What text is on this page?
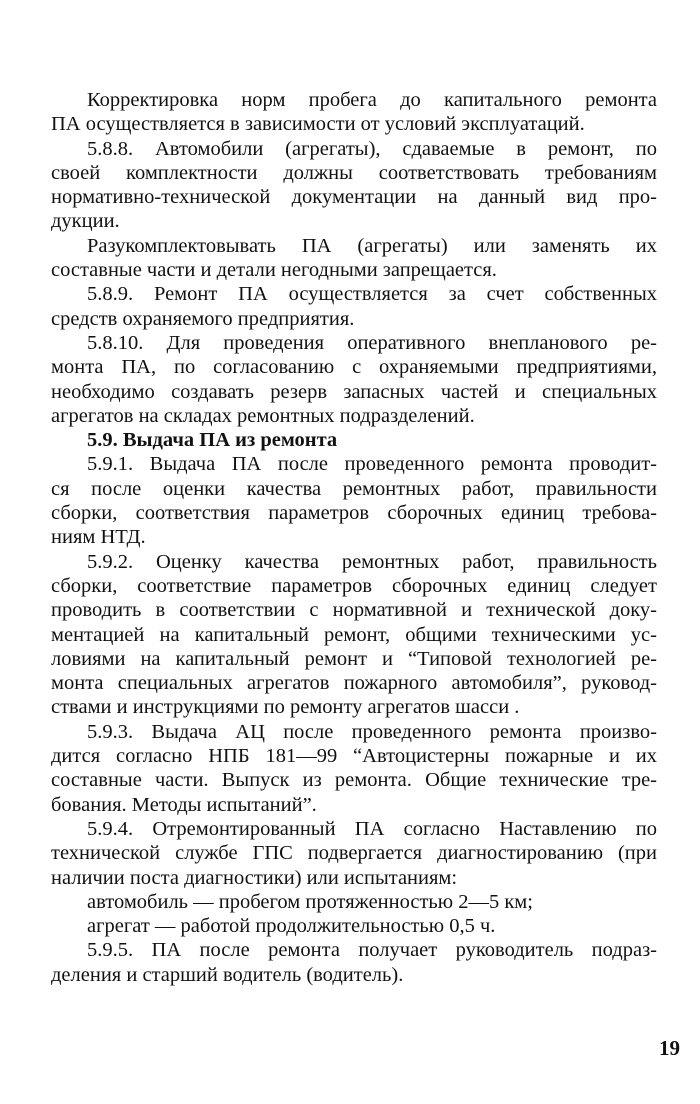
Корректировка норм пробега до капитального ремонта
ПА осуществляется в зависимости от условий эксплуатаций.
5.8.8. Автомобили (агрегаты), сдаваемые в ремонт, по
своей комплектности должны соответствовать требованиям
нормативно-технической документации на данный вид про-
дукции.
Разукомплектовывать ПА (агрегаты) или заменять их
составные части и детали негодными запрещается.
5.8.9. Ремонт ПА осуществляется за счет собственных
средств охраняемого предприятия.
5.8.10. Для проведения оперативного внепланового ре-
монта ПА, по согласованию с охраняемыми предприятиями,
необходимо создавать резерв запасных частей и специальных
агрегатов на складах ремонтных подразделений.
5.9. Выдача ПА из ремонта
5.9.1. Выдача ПА после проведенного ремонта проводит-
ся после оценки качества ремонтных работ, правильности
сборки, соответствия параметров сборочных единиц требова-
ниям НТД.
5.9.2. Оценку качества ремонтных работ, правильность
сборки, соответствие параметров сборочных единиц следует
проводить в соответствии с нормативной и технической доку-
ментацией на капитальный ремонт, общими техническими ус-
ловиями на капитальный ремонт и “Типовой технологией ре-
монта специальных агрегатов пожарного автомобиля”, руковод-
ствами и инструкциями по ремонту агрегатов шасси .
5.9.3. Выдача АЦ после проведенного ремонта произво-
дится согласно НПБ 181—99 “Автоцистерны пожарные и их
составные части. Выпуск из ремонта. Общие технические тре-
бования. Методы испытаний”.
5.9.4. Отремонтированный ПА согласно Наставлению по
технической службе ГПС подвергается диагностированию (при
наличии поста диагностики) или испытаниям:
автомобиль — пробегом протяженностью 2—5 км;
агрегат — работой продолжительностью 0,5 ч.
5.9.5. ПА после ремонта получает руководитель подраз-
деления и старший водитель (водитель).
19
